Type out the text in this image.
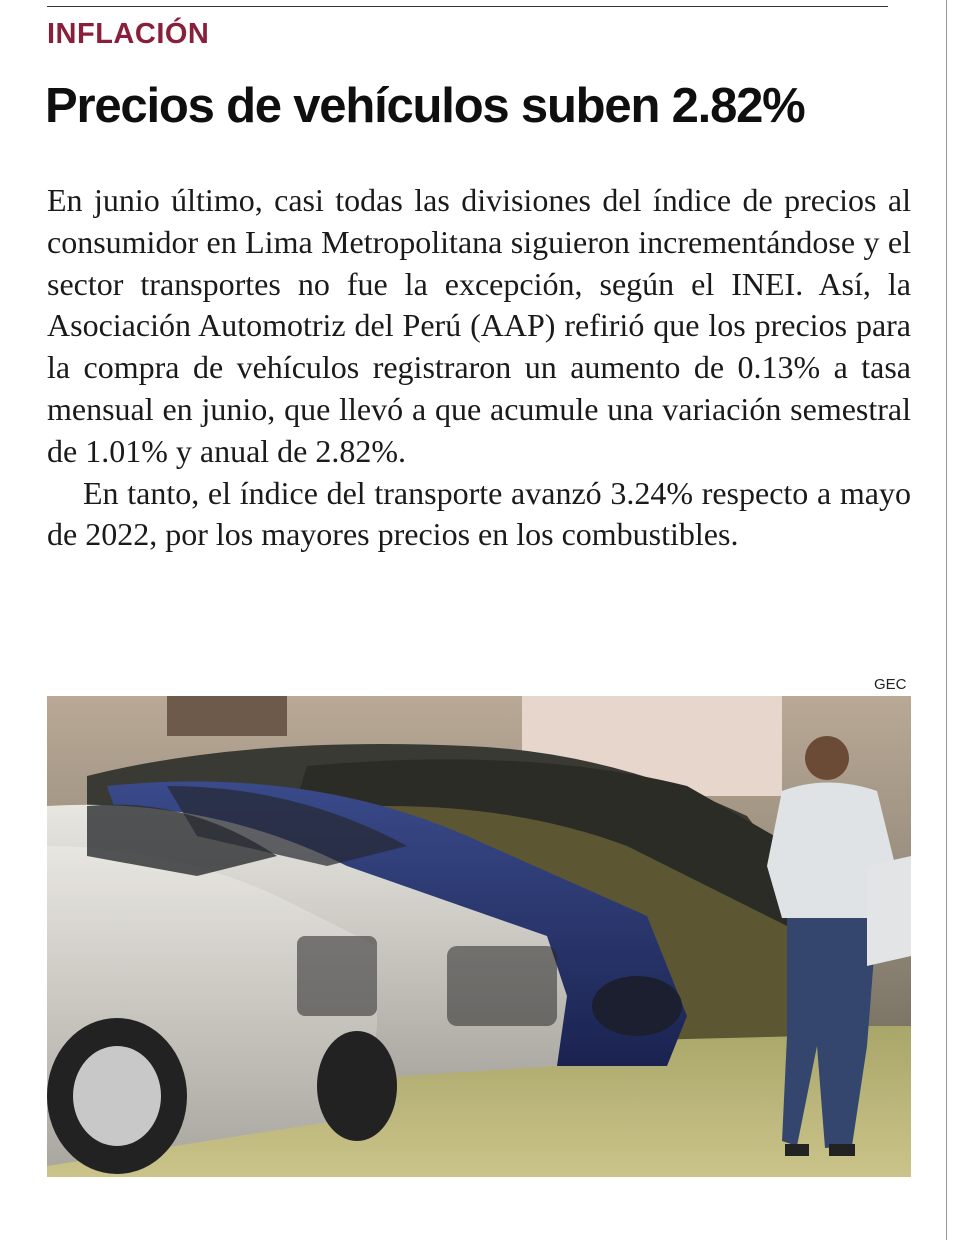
INFLACIÓN
Precios de vehículos suben 2.82%

En junio último, casi todas las divisiones del índice de precios al consumidor en Lima Metropolitana siguieron incrementándose y el sector transportes no fue la excepción, según el INEI. Así, la Asociación Automotriz del Perú (AAP) refirió que los precios para la compra de vehículos registraron un aumento de 0.13% a tasa mensual en junio, que llevó a que acumule una variación semestral de 1.01% y anual de 2.82%.

En tanto, el índice del transporte avanzó 3.24% respecto a mayo de 2022, por los mayores precios en los combustibles.

GEC
